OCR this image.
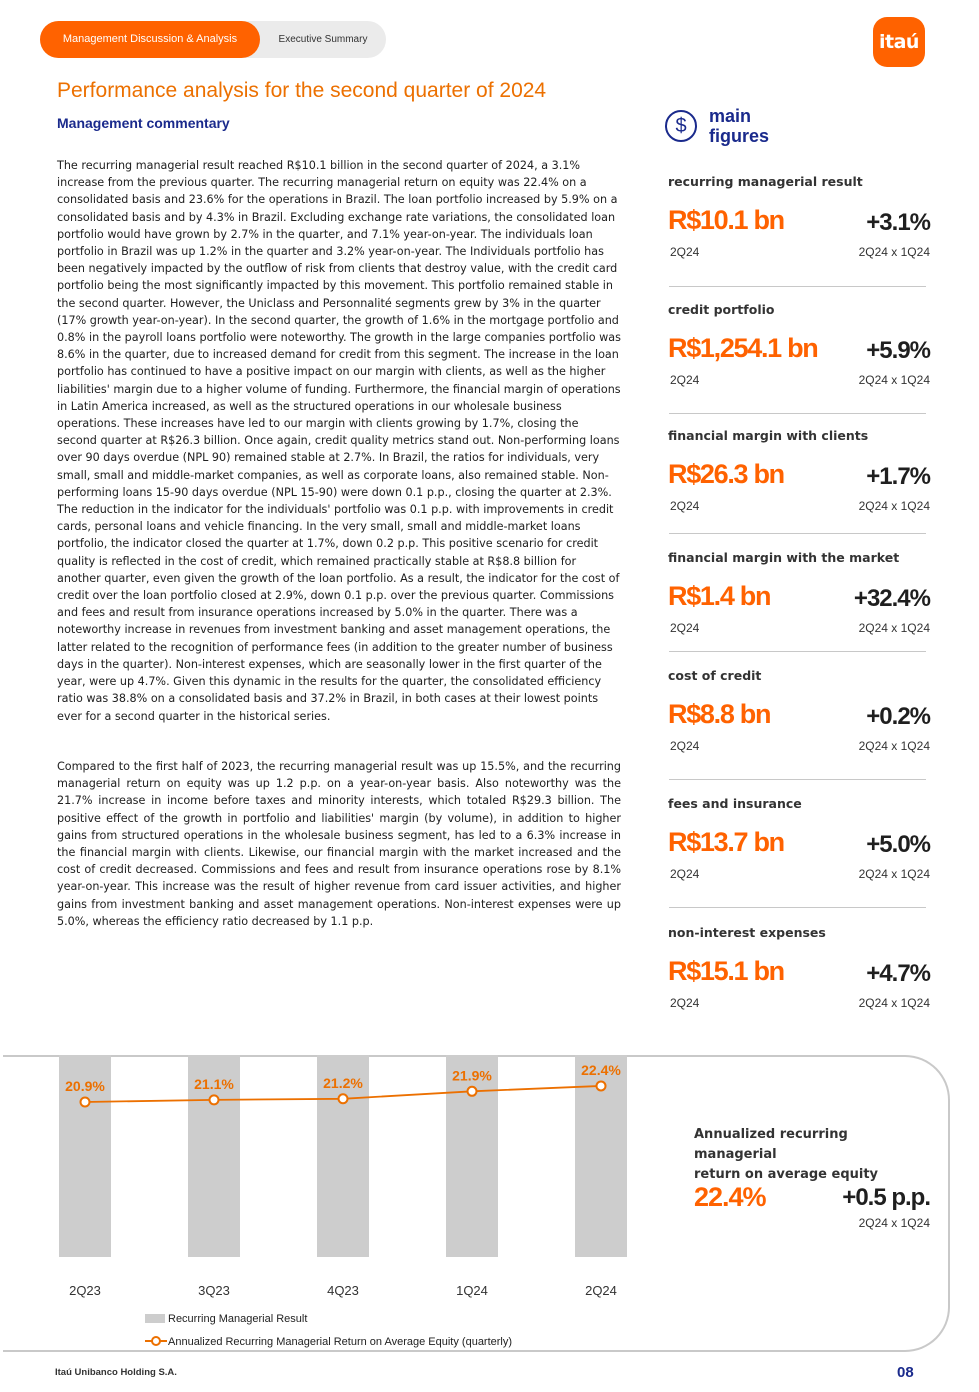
Management Discussion & Analysis	Executive Summary	itaú
Performance analysis for the second quarter of 2024
Management commentary

The recurring managerial result reached R$10.1 billion in the second quarter of 2024, a 3.1% increase from the previous quarter. The recurring managerial return on equity was 22.4% on a consolidated basis and 23.6% for the operations in Brazil. The loan portfolio increased by 5.9% on a consolidated basis and by 4.3% in Brazil. Excluding exchange rate variations, the consolidated loan portfolio would have grown by 2.7% in the quarter, and 7.1% year-on-year. The individuals loan portfolio in Brazil was up 1.2% in the quarter and 3.2% year-on-year. The Individuals portfolio has been negatively impacted by the outflow of risk from clients that destroy value, with the credit card portfolio being the most significantly impacted by this movement. This portfolio remained stable in the second quarter. However, the Uniclass and Personnalité segments grew by 3% in the quarter (17% growth year-on-year). In the second quarter, the growth of 1.6% in the mortgage portfolio and 0.8% in the payroll loans portfolio were noteworthy. The growth in the large companies portfolio was 8.6% in the quarter, due to increased demand for credit from this segment. The increase in the loan portfolio has continued to have a positive impact on our margin with clients, as well as the higher liabilities' margin due to a higher volume of funding. Furthermore, the financial margin of operations in Latin America increased, as well as the structured operations in our wholesale business operations. These increases have led to our margin with clients growing by 1.7%, closing the second quarter at R$26.3 billion. Once again, credit quality metrics stand out. Non-performing loans over 90 days overdue (NPL 90) remained stable at 2.7%. In Brazil, the ratios for individuals, very small, small and middle-market companies, as well as corporate loans, also remained stable. Non-performing loans 15-90 days overdue (NPL 15-90) were down 0.1 p.p., closing the quarter at 2.3%. The reduction in the indicator for the individuals' portfolio was 0.1 p.p. with improvements in credit cards, personal loans and vehicle financing. In the very small, small and middle-market loans portfolio, the indicator closed the quarter at 1.7%, down 0.2 p.p. This positive scenario for credit quality is reflected in the cost of credit, which remained practically stable at R$8.8 billion for another quarter, even given the growth of the loan portfolio. As a result, the indicator for the cost of credit over the loan portfolio closed at 2.9%, down 0.1 p.p. over the previous quarter. Commissions and fees and result from insurance operations increased by 5.0% in the quarter. There was a noteworthy increase in revenues from investment banking and asset management operations, the latter related to the recognition of performance fees (in addition to the greater number of business days in the quarter). Non-interest expenses, which are seasonally lower in the first quarter of the year, were up 4.7%. Given this dynamic in the results for the quarter, the consolidated efficiency ratio was 38.8% on a consolidated basis and 37.2% in Brazil, in both cases at their lowest points ever for a second quarter in the historical series.

Compared to the first half of 2023, the recurring managerial result was up 15.5%, and the recurring managerial return on equity was up 1.2 p.p. on a year-on-year basis. Also noteworthy was the 21.7% increase in income before taxes and minority interests, which totaled R$29.3 billion. The positive effect of the growth in portfolio and liabilities' margin (by volume), in addition to higher gains from structured operations in the wholesale business segment, has led to a 6.3% increase in the financial margin with clients. Likewise, our financial margin with the market increased and the cost of credit decreased. Commissions and fees and result from insurance operations rose by 8.1% year-on-year. This increase was the result of higher revenue from card issuer activities, and higher gains from investment banking and asset management operations. Non-interest expenses were up 5.0%, whereas the efficiency ratio decreased by 1.1 p.p.

$	main
figures
recurring managerial result
R$10.1 bn	+3.1%
2Q24	2Q24 x 1Q24
credit portfolio
R$1,254.1 bn +5.9%
2Q24	2Q24 x 1Q24
financial margin with clients
R$26.3 bn	+1.7%
2Q24	2Q24 x 1Q24
financial margin with the market
R$1.4 bn	+32.4%
2Q24	2Q24 x 1Q24
cost of credit
R$8.8 bn	+0.2%
2Q24	2Q24 x 1Q24
fees and insurance
R$13.7 bn	+5.0%
2Q24	2Q24 x 1Q24
non-interest expenses
R$15.1 bn	+4.7%
2Q24	2Q24 x 1Q24
2Q23	3Q23	4Q23	1Q24	2Q24
20.9%	21.1%	21.2%	21.9%	22.4%
Recurring Managerial Result
Annualized Recurring Managerial Return on Average Equity (quarterly)
Annualized recurring managerial
return on average equity
22.4%	+0.5 p.p.
2Q24 x 1Q24
Itaú Unibanco Holding S.A.	08
